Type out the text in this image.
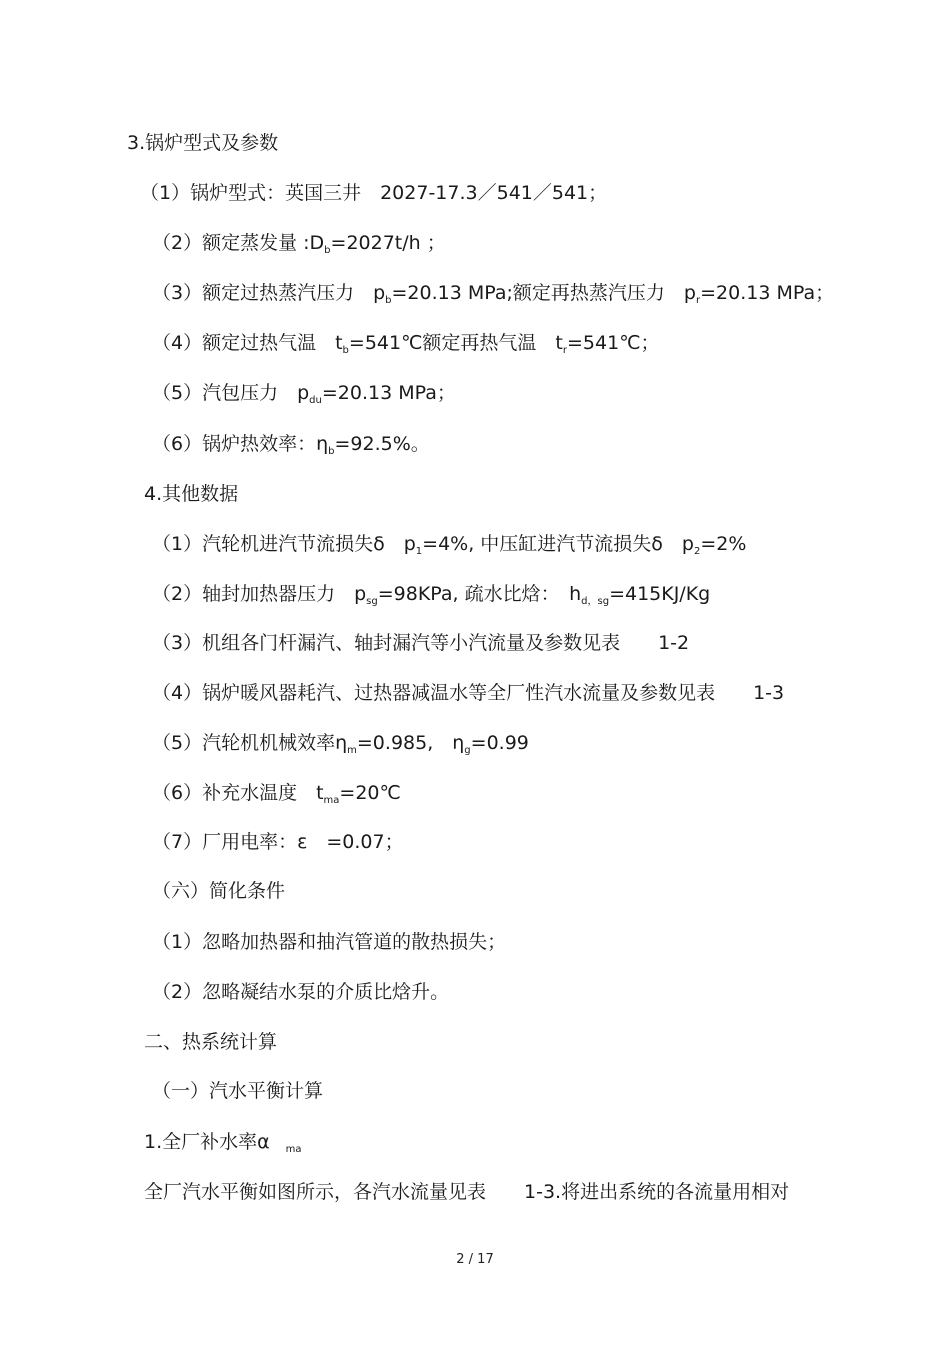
3.锅炉型式及参数
（1）锅炉型式：英国三井　2027-17.3／541／541；
（2）额定蒸发量 $:D_b=2027t/h$ ；
（3）额定过热蒸汽压力　$p_b=20.13$ MPa;额定再热蒸汽压力　$p_r=20.13$ MPa；
（4）额定过热气温　$t_b=541℃$额定再热气温　$t_r=541℃$；
（5）汽包压力　$p_{du}=20.13$ MPa；
（6）锅炉热效率：$\eta_b=92.5\%$。
4.其他数据
（1）汽轮机进汽节流损失δ　$p_1=4\%$, 中压缸进汽节流损失δ　$p_2=2\%$
（2）轴封加热器压力　$p_{sg}=98KPa$, 疏水比焓：　$h_{d,sg}=415KJ/Kg$
（3）机组各门杆漏汽、轴封漏汽等小汽流量及参数见表　　1-2
（4）锅炉暖风器耗汽、过热器减温水等全厂性汽水流量及参数见表　　1-3
（5）汽轮机机械效率$\eta_m=0.985$,　$\eta_g=0.99$
（6）补充水温度　$t_{ma}=20℃$
（7）厂用电率：ε　=0.07；
（六）简化条件
（1）忽略加热器和抽汽管道的散热损失；
（2）忽略凝结水泵的介质比焓升。
二、热系统计算
（一）汽水平衡计算
1.全厂补水率α $_{ma}$
全厂汽水平衡如图所示，各汽水流量见表　　1-3.将进出系统的各流量用相对
2 / 17
